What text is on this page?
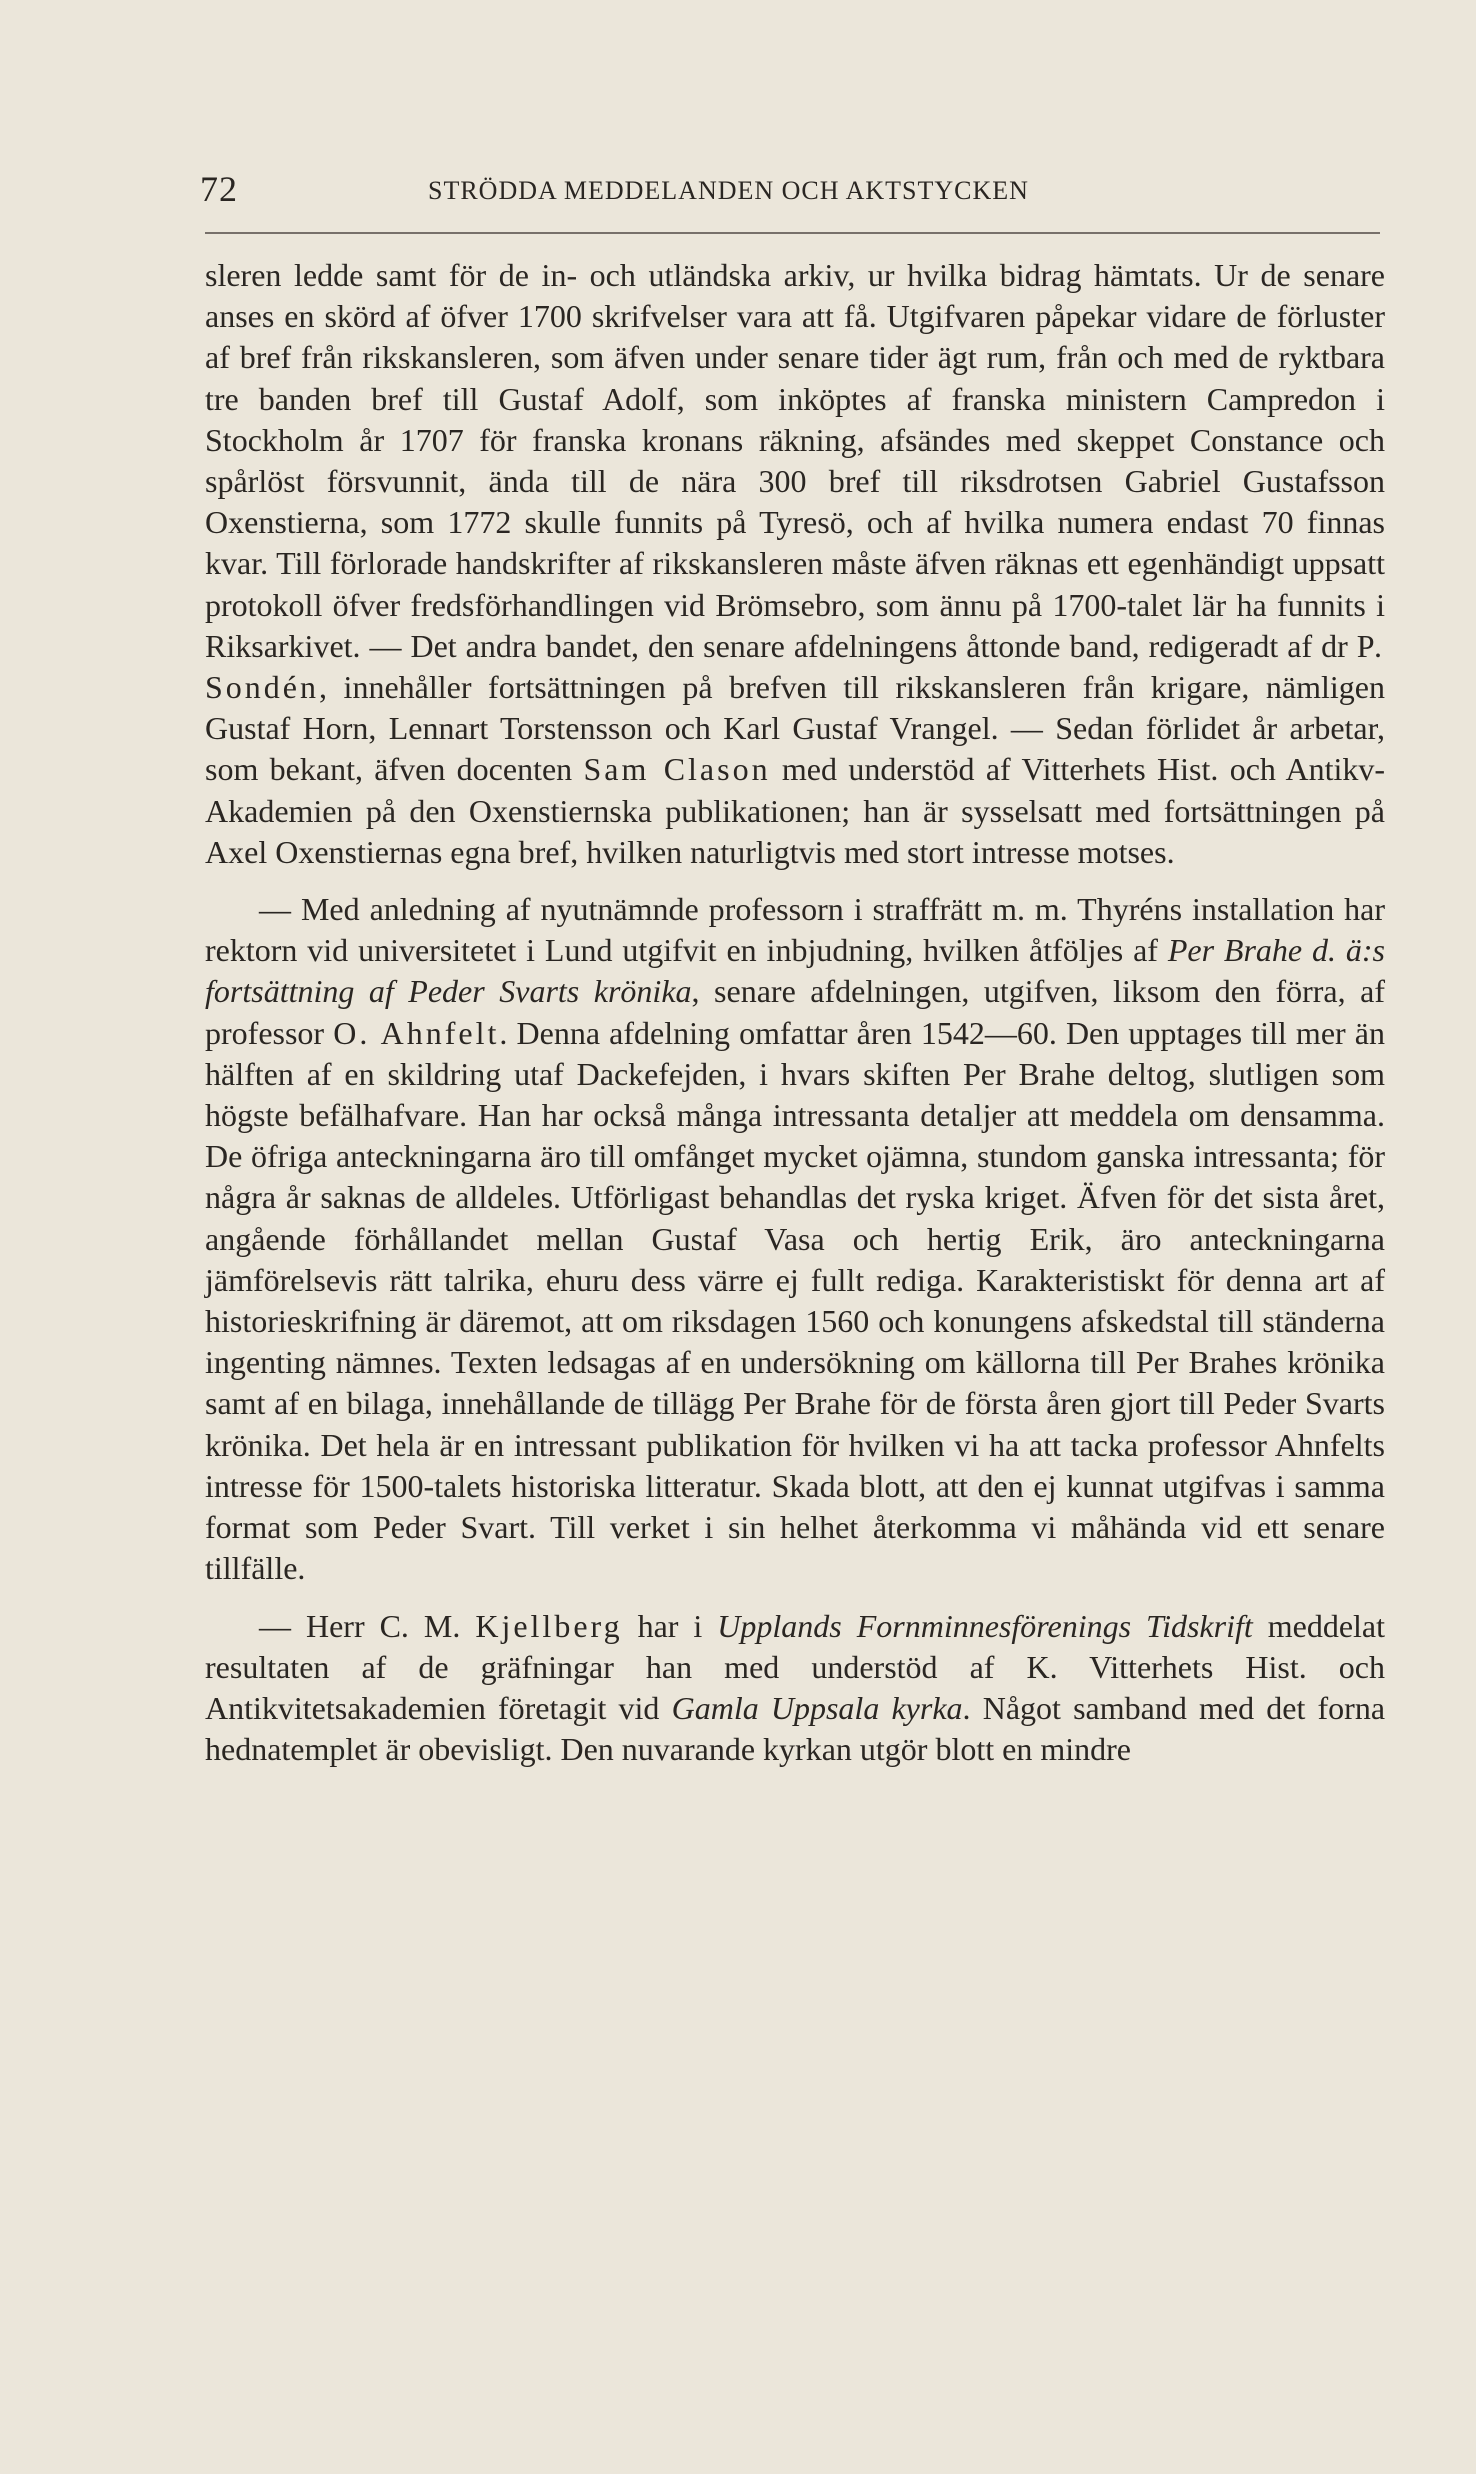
72	STRÖDDA MEDDELANDEN OCH AKTSTYCKEN

sleren ledde samt för de in- och utländska arkiv, ur hvilka bidrag hämtats. Ur de senare anses en skörd af öfver 1700 skrifvelser vara att få. Utgifvaren påpekar vidare de förluster af bref från rikskansleren, som äfven under senare tider ägt rum, från och med de ryktbara tre banden bref till Gustaf Adolf, som inköptes af franska ministern Campredon i Stockholm år 1707 för franska kronans räkning, afsändes med skeppet Constance och spårlöst försvunnit, ända till de nära 300 bref till riksdrotsen Gabriel Gustafsson Oxenstierna, som 1772 skulle funnits på Tyresö, och af hvilka numera endast 70 finnas kvar. Till förlorade handskrifter af rikskansleren måste äfven räknas ett egenhändigt uppsatt protokoll öfver fredsförhandlingen vid Brömsebro, som ännu på 1700-talet lär ha funnits i Riksarkivet. — Det andra bandet, den senare afdelningens åttonde band, redigeradt af dr P. Sondén, innehåller fortsättningen på brefven till rikskansleren från krigare, nämligen Gustaf Horn, Lennart Torstensson och Karl Gustaf Vrangel. — Sedan förlidet år arbetar, som bekant, äfven docenten Sam Clason med understöd af Vitterhets Hist. och Antikv-Akademien på den Oxenstiernska publikationen; han är sysselsatt med fortsättningen på Axel Oxenstiernas egna bref, hvilken naturligtvis med stort intresse motses.

— Med anledning af nyutnämnde professorn i straffrätt m. m. Thyréns installation har rektorn vid universitetet i Lund utgifvit en inbjudning, hvilken åtföljes af Per Brahe d. ä:s fortsättning af Peder Svarts krönika, senare afdelningen, utgifven, liksom den förra, af professor O. Ahnfelt. Denna afdelning omfattar åren 1542—60. Den upptages till mer än hälften af en skildring utaf Dackefejden, i hvars skiften Per Brahe deltog, slutligen som högste befälhafvare. Han har också många intressanta detaljer att meddela om densamma. De öfriga anteckningarna äro till omfånget mycket ojämna, stundom ganska intressanta; för några år saknas de alldeles. Utförligast behandlas det ryska kriget. Äfven för det sista året, angående förhållandet mellan Gustaf Vasa och hertig Erik, äro anteckningarna jämförelsevis rätt talrika, ehuru dess värre ej fullt rediga. Karakteristiskt för denna art af historieskrifning är däremot, att om riksdagen 1560 och konungens afskedstal till ständerna ingenting nämnes. Texten ledsagas af en undersökning om källorna till Per Brahes krönika samt af en bilaga, innehållande de tillägg Per Brahe för de första åren gjort till Peder Svarts krönika. Det hela är en intressant publikation för hvilken vi ha att tacka professor Ahnfelts intresse för 1500-talets historiska litteratur. Skada blott, att den ej kunnat utgifvas i samma format som Peder Svart. Till verket i sin helhet återkomma vi måhända vid ett senare tillfälle.

— Herr C. M. Kjellberg har i Upplands Fornminnesförenings Tidskrift meddelat resultaten af de gräfningar han med understöd af K. Vitterhets Hist. och Antikvitetsakademien företagit vid Gamla Uppsala kyrka. Något samband med det forna hednatemplet är obevisligt. Den nuvarande kyrkan utgör blott en mindre
